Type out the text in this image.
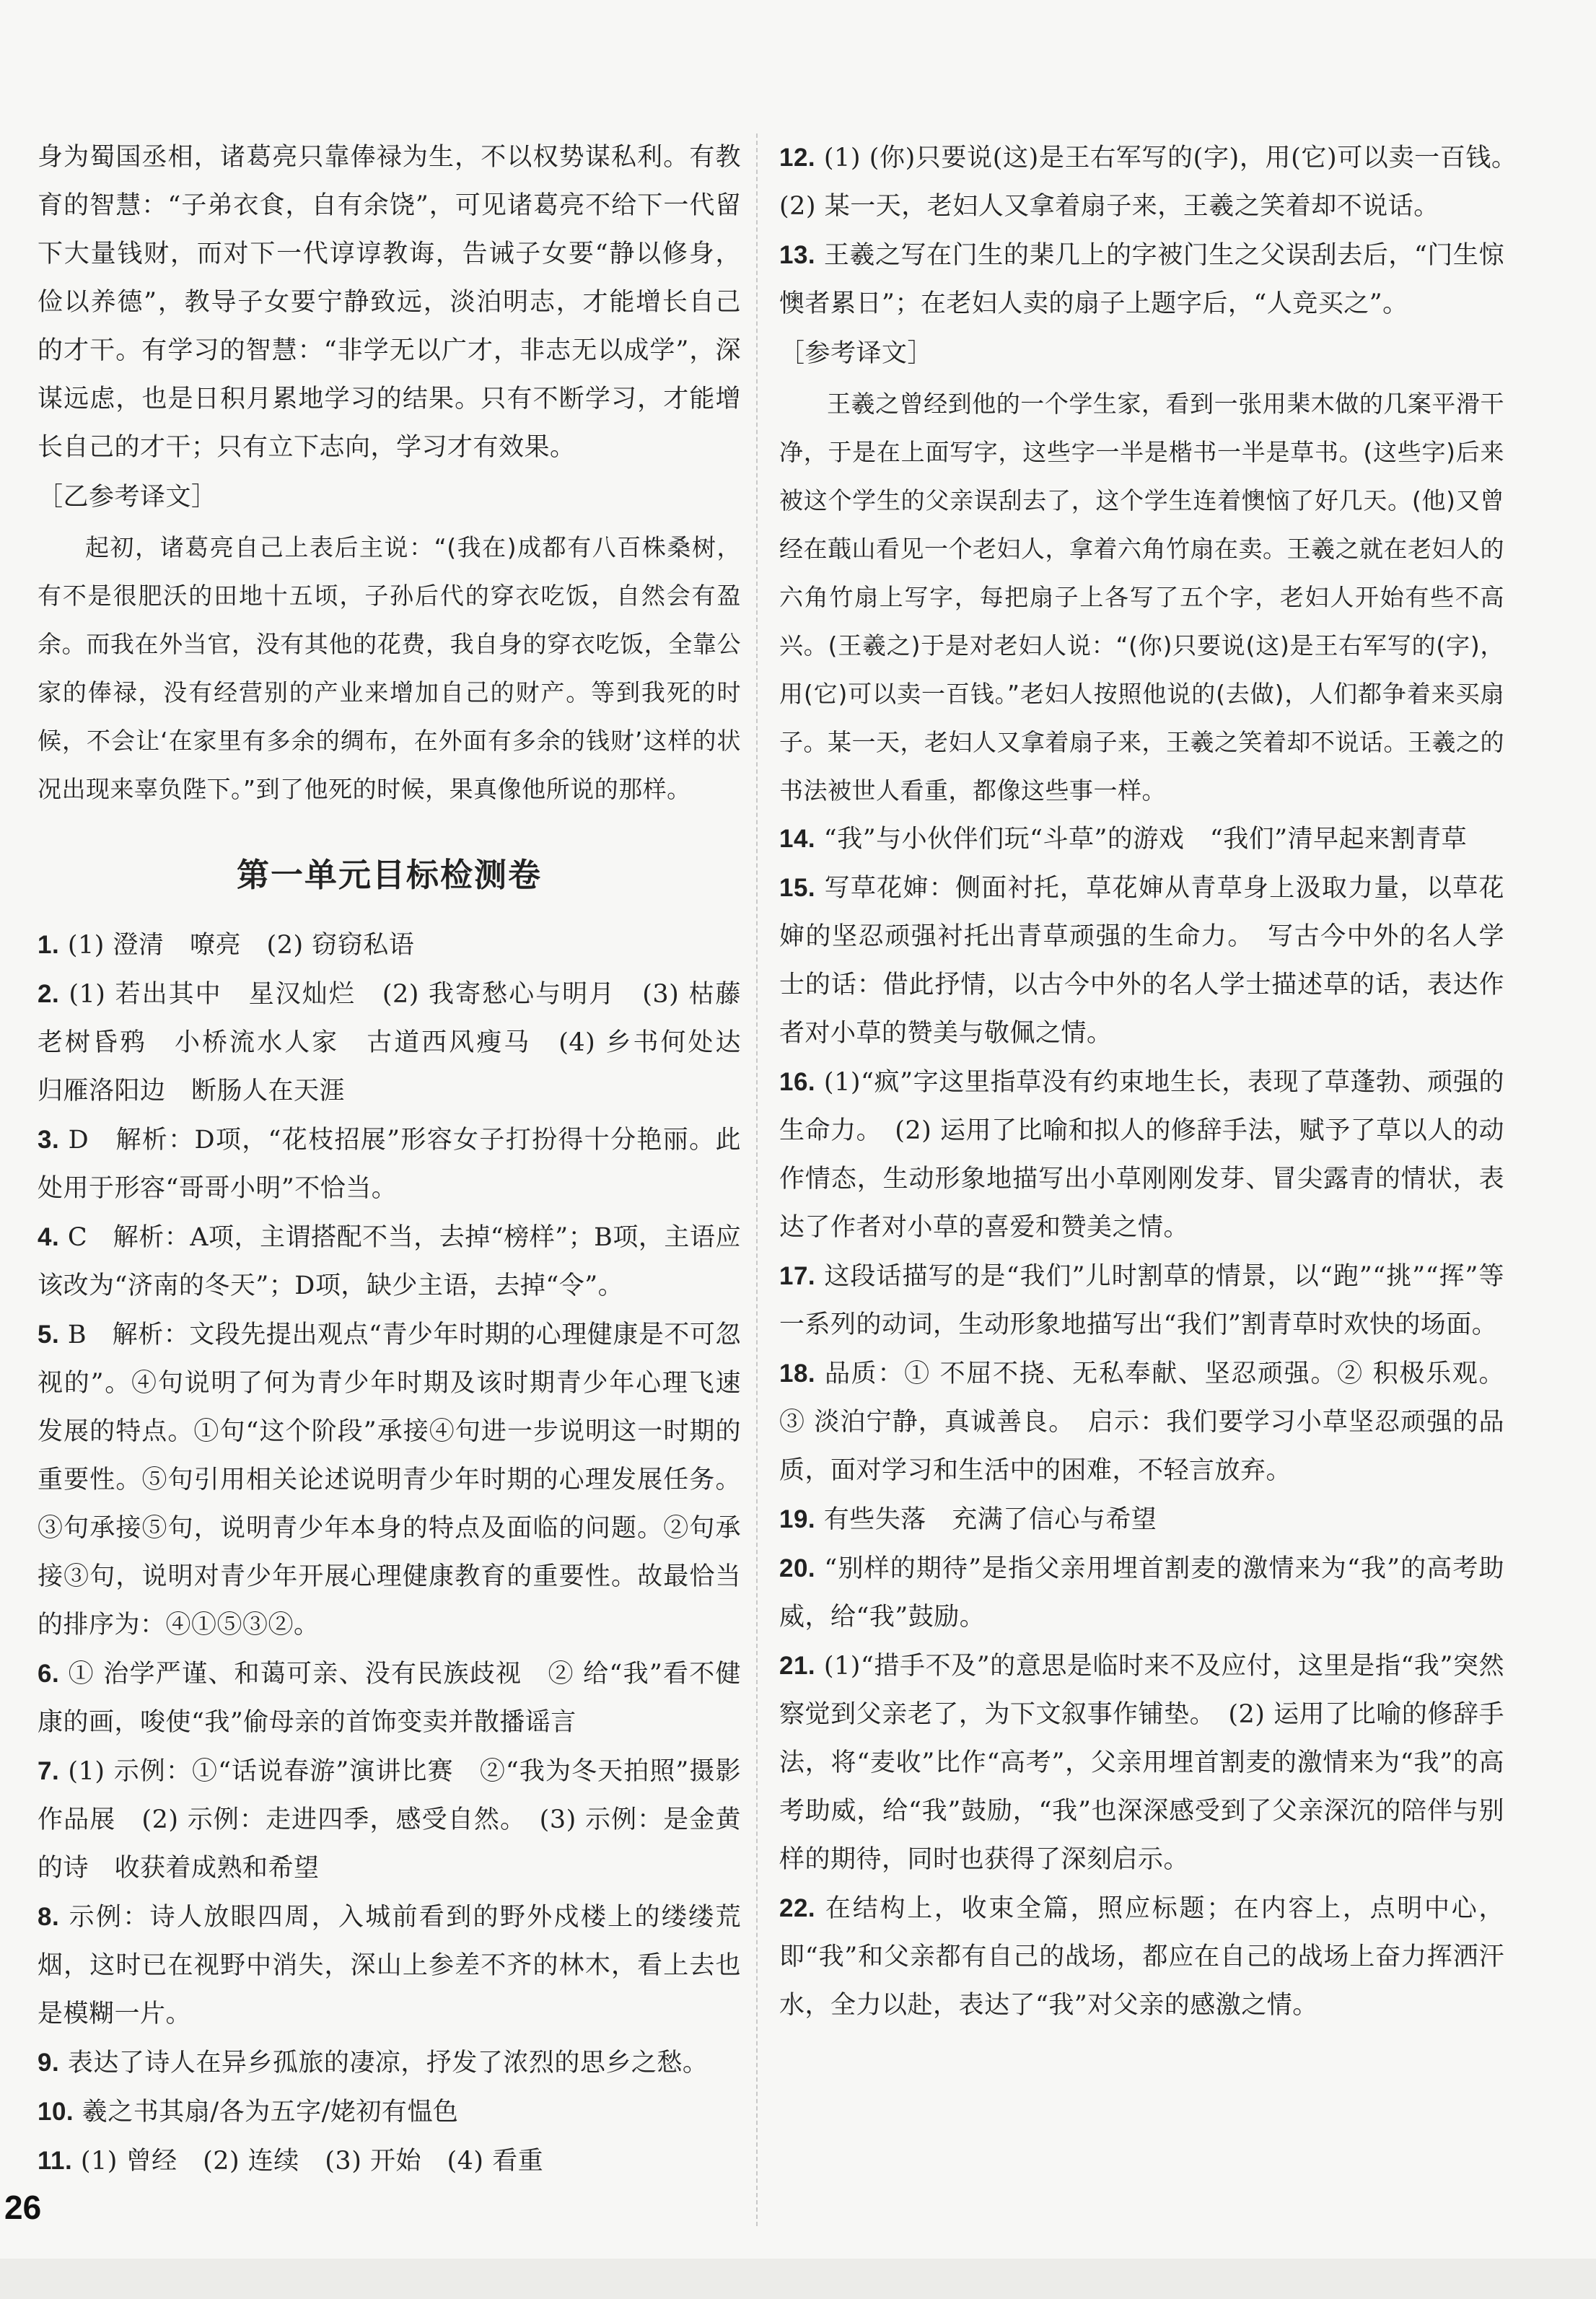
身为蜀国丞相，诸葛亮只靠俸禄为生，不以权势谋私利。有教育的智慧：“子弟衣食，自有余饶”，可见诸葛亮不给下一代留下大量钱财，而对下一代谆谆教诲，告诫子女要“静以修身，俭以养德”，教导子女要宁静致远，淡泊明志，才能增长自己的才干。有学习的智慧：“非学无以广才，非志无以成学”，深谋远虑，也是日积月累地学习的结果。只有不断学习，才能增长自己的才干；只有立下志向，学习才有效果。

［乙参考译文］

起初，诸葛亮自己上表后主说：“(我在)成都有八百株桑树，有不是很肥沃的田地十五顷，子孙后代的穿衣吃饭，自然会有盈余。而我在外当官，没有其他的花费，我自身的穿衣吃饭，全靠公家的俸禄，没有经营别的产业来增加自己的财产。等到我死的时候，不会让‘在家里有多余的绸布，在外面有多余的钱财’这样的状况出现来辜负陛下。”到了他死的时候，果真像他所说的那样。

第一单元目标检测卷

1. (1) 澄清　嘹亮　(2) 窃窃私语

2. (1) 若出其中　星汉灿烂　(2) 我寄愁心与明月　(3) 枯藤老树昏鸦　小桥流水人家　古道西风瘦马　(4) 乡书何处达　归雁洛阳边　断肠人在天涯

3. D　解析：D项，“花枝招展”形容女子打扮得十分艳丽。此处用于形容“哥哥小明”不恰当。

4. C　解析：A项，主谓搭配不当，去掉“榜样”；B项，主语应该改为“济南的冬天”；D项，缺少主语，去掉“令”。

5. B　解析：文段先提出观点“青少年时期的心理健康是不可忽视的”。④句说明了何为青少年时期及该时期青少年心理飞速发展的特点。①句“这个阶段”承接④句进一步说明这一时期的重要性。⑤句引用相关论述说明青少年时期的心理发展任务。③句承接⑤句，说明青少年本身的特点及面临的问题。②句承接③句，说明对青少年开展心理健康教育的重要性。故最恰当的排序为：④①⑤③②。

6. ① 治学严谨、和蔼可亲、没有民族歧视　② 给“我”看不健康的画，唆使“我”偷母亲的首饰变卖并散播谣言

7. (1) 示例：①“话说春游”演讲比赛　②“我为冬天拍照”摄影作品展　(2) 示例：走进四季，感受自然。　(3) 示例：是金黄的诗　收获着成熟和希望

8. 示例：诗人放眼四周，入城前看到的野外戍楼上的缕缕荒烟，这时已在视野中消失，深山上参差不齐的林木，看上去也是模糊一片。

9. 表达了诗人在异乡孤旅的凄凉，抒发了浓烈的思乡之愁。

10. 羲之书其扇/各为五字/姥初有愠色

11. (1) 曾经　(2) 连续　(3) 开始　(4) 看重

12. (1) (你)只要说(这)是王右军写的(字)，用(它)可以卖一百钱。　(2) 某一天，老妇人又拿着扇子来，王羲之笑着却不说话。

13. 王羲之写在门生的棐几上的字被门生之父误刮去后，“门生惊懊者累日”；在老妇人卖的扇子上题字后，“人竞买之”。

［参考译文］

王羲之曾经到他的一个学生家，看到一张用棐木做的几案平滑干净，于是在上面写字，这些字一半是楷书一半是草书。(这些字)后来被这个学生的父亲误刮去了，这个学生连着懊恼了好几天。(他)又曾经在蕺山看见一个老妇人，拿着六角竹扇在卖。王羲之就在老妇人的六角竹扇上写字，每把扇子上各写了五个字，老妇人开始有些不高兴。(王羲之)于是对老妇人说：“(你)只要说(这)是王右军写的(字)，用(它)可以卖一百钱。”老妇人按照他说的(去做)，人们都争着来买扇子。某一天，老妇人又拿着扇子来，王羲之笑着却不说话。王羲之的书法被世人看重，都像这些事一样。

14. “我”与小伙伴们玩“斗草”的游戏　“我们”清早起来割青草

15. 写草花婶：侧面衬托，草花婶从青草身上汲取力量，以草花婶的坚忍顽强衬托出青草顽强的生命力。　写古今中外的名人学士的话：借此抒情，以古今中外的名人学士描述草的话，表达作者对小草的赞美与敬佩之情。

16. (1)“疯”字这里指草没有约束地生长，表现了草蓬勃、顽强的生命力。　(2) 运用了比喻和拟人的修辞手法，赋予了草以人的动作情态，生动形象地描写出小草刚刚发芽、冒尖露青的情状，表达了作者对小草的喜爱和赞美之情。

17. 这段话描写的是“我们”儿时割草的情景，以“跑”“挑”“挥”等一系列的动词，生动形象地描写出“我们”割青草时欢快的场面。

18. 品质：① 不屈不挠、无私奉献、坚忍顽强。② 积极乐观。③ 淡泊宁静，真诚善良。　启示：我们要学习小草坚忍顽强的品质，面对学习和生活中的困难，不轻言放弃。

19. 有些失落　充满了信心与希望

20. “别样的期待”是指父亲用埋首割麦的激情来为“我”的高考助威，给“我”鼓励。

21. (1)“措手不及”的意思是临时来不及应付，这里是指“我”突然察觉到父亲老了，为下文叙事作铺垫。　(2) 运用了比喻的修辞手法，将“麦收”比作“高考”，父亲用埋首割麦的激情来为“我”的高考助威，给“我”鼓励，“我”也深深感受到了父亲深沉的陪伴与别样的期待，同时也获得了深刻启示。

22. 在结构上，收束全篇，照应标题；在内容上，点明中心，即“我”和父亲都有自己的战场，都应在自己的战场上奋力挥洒汗水，全力以赴，表达了“我”对父亲的感激之情。

26
